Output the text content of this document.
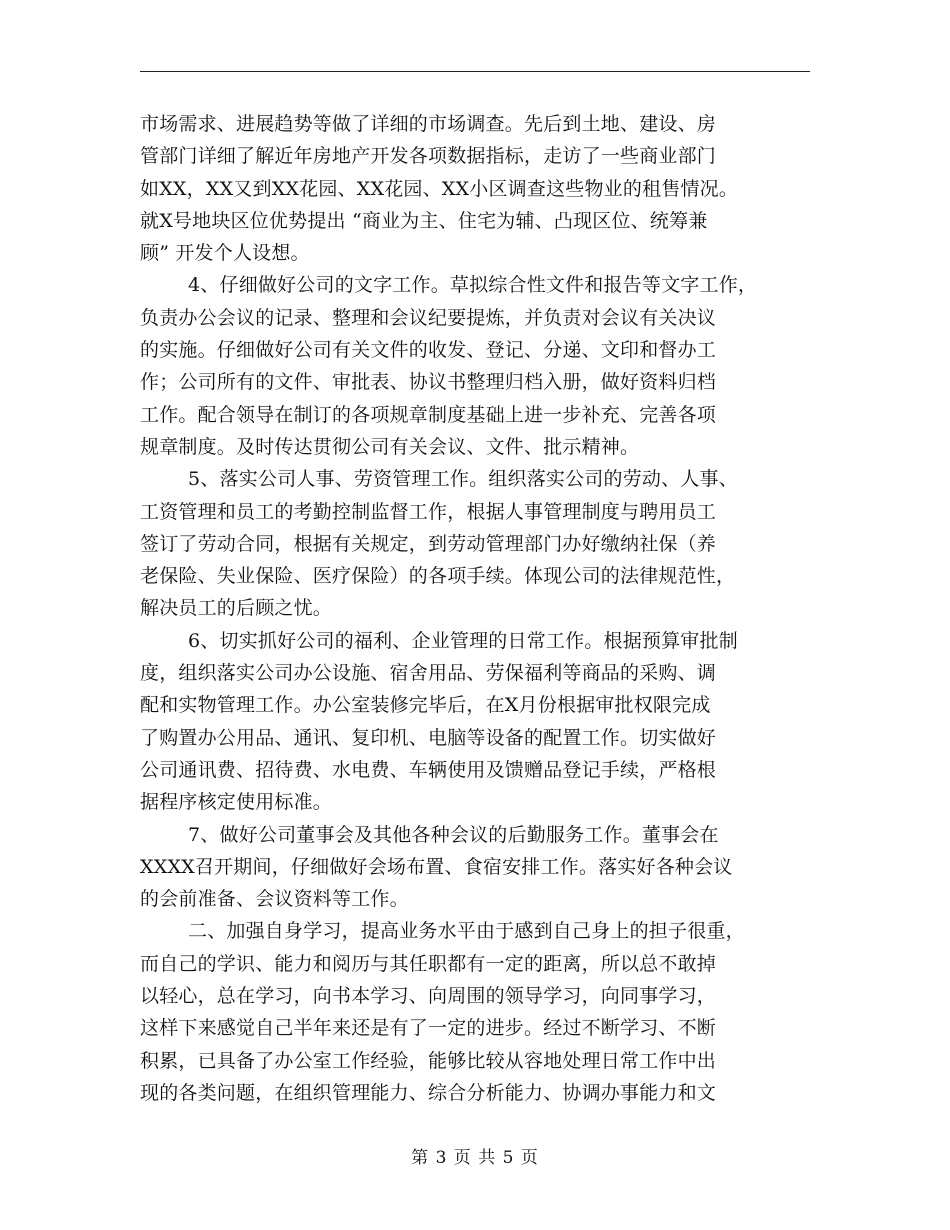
市场需求、进展趋势等做了详细的市场调查。先后到土地、建设、房
管部门详细了解近年房地产开发各项数据指标，走访了一些商业部门
如XX，XX又到XX花园、XX花园、XX小区调查这些物业的租售情况。
就X号地块区位优势提出 “商业为主、住宅为辅、凸现区位、统筹兼
顾” 开发个人设想。
4、仔细做好公司的文字工作。草拟综合性文件和报告等文字工作，
负责办公会议的记录、整理和会议纪要提炼，并负责对会议有关决议
的实施。仔细做好公司有关文件的收发、登记、分递、文印和督办工
作；公司所有的文件、审批表、协议书整理归档入册，做好资料归档
工作。配合领导在制订的各项规章制度基础上进一步补充、完善各项
规章制度。及时传达贯彻公司有关会议、文件、批示精神。
5、落实公司人事、劳资管理工作。组织落实公司的劳动、人事、
工资管理和员工的考勤控制监督工作，根据人事管理制度与聘用员工
签订了劳动合同，根据有关规定，到劳动管理部门办好缴纳社保（养
老保险、失业保险、医疗保险）的各项手续。体现公司的法律规范性，
解决员工的后顾之忧。
6、切实抓好公司的福利、企业管理的日常工作。根据预算审批制
度，组织落实公司办公设施、宿舍用品、劳保福利等商品的采购、调
配和实物管理工作。办公室装修完毕后，在X月份根据审批权限完成
了购置办公用品、通讯、复印机、电脑等设备的配置工作。切实做好
公司通讯费、招待费、水电费、车辆使用及馈赠品登记手续，严格根
据程序核定使用标准。
7、做好公司董事会及其他各种会议的后勤服务工作。董事会在
XXXX召开期间，仔细做好会场布置、食宿安排工作。落实好各种会议
的会前准备、会议资料等工作。
二、加强自身学习，提高业务水平由于感到自己身上的担子很重，
而自己的学识、能力和阅历与其任职都有一定的距离，所以总不敢掉
以轻心，总在学习，向书本学习、向周围的领导学习，向同事学习，
这样下来感觉自己半年来还是有了一定的进步。经过不断学习、不断
积累，已具备了办公室工作经验，能够比较从容地处理日常工作中出
现的各类问题，在组织管理能力、综合分析能力、协调办事能力和文
第 3 页 共 5 页
